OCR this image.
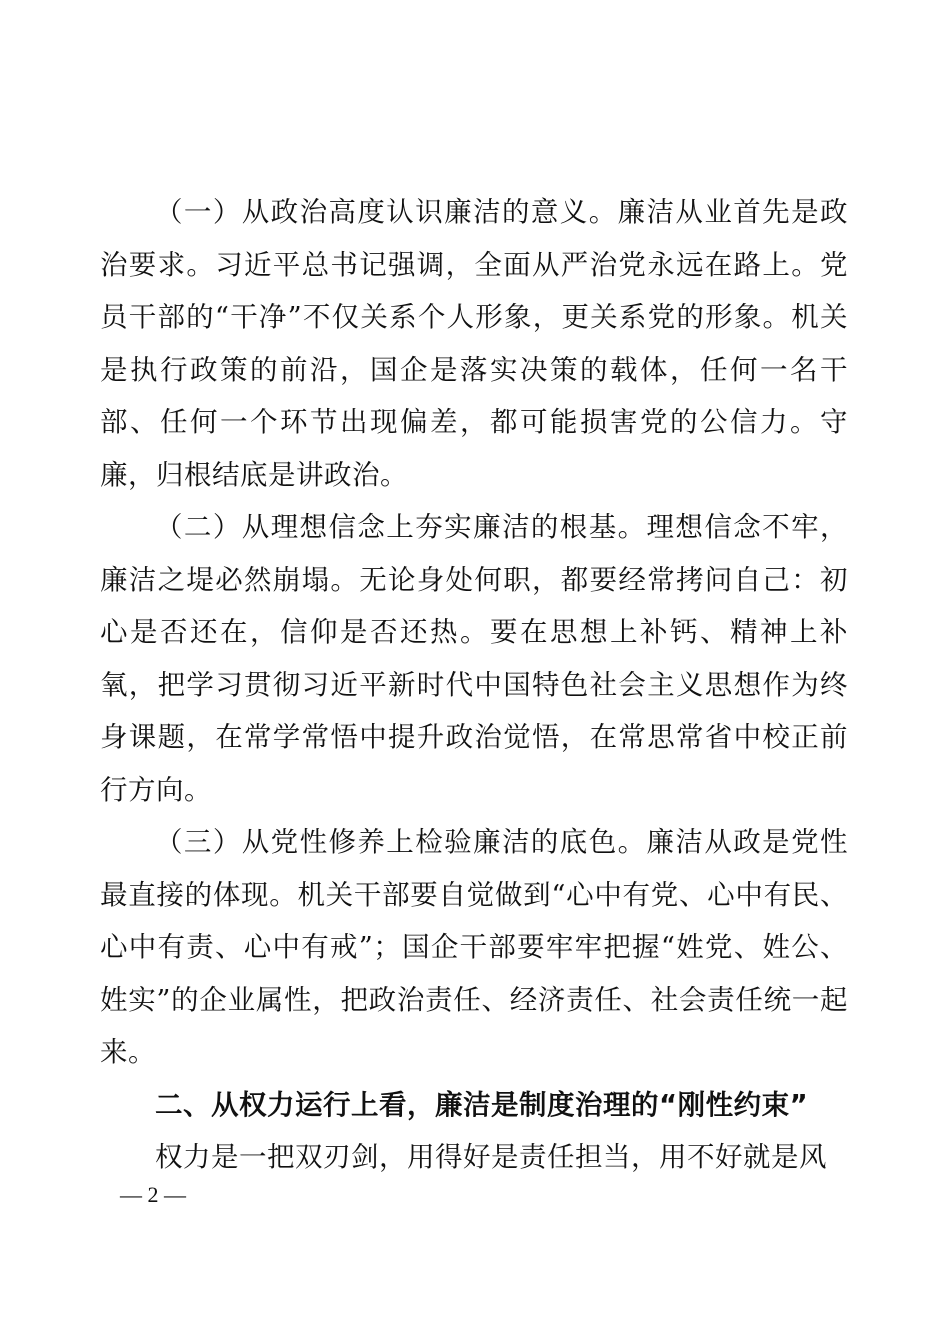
（一）从政治高度认识廉洁的意义。廉洁从业首先是政治要求。习近平总书记强调，全面从严治党永远在路上。党员干部的“干净”不仅关系个人形象，更关系党的形象。机关是执行政策的前沿，国企是落实决策的载体，任何一名干部、任何一个环节出现偏差，都可能损害党的公信力。守廉，归根结底是讲政治。

（二）从理想信念上夯实廉洁的根基。理想信念不牢，廉洁之堤必然崩塌。无论身处何职，都要经常拷问自己：初心是否还在，信仰是否还热。要在思想上补钙、精神上补氧，把学习贯彻习近平新时代中国特色社会主义思想作为终身课题，在常学常悟中提升政治觉悟，在常思常省中校正前行方向。

（三）从党性修养上检验廉洁的底色。廉洁从政是党性最直接的体现。机关干部要自觉做到“心中有党、心中有民、心中有责、心中有戒”；国企干部要牢牢把握“姓党、姓公、姓实”的企业属性，把政治责任、经济责任、社会责任统一起来。

二、从权力运行上看，廉洁是制度治理的“刚性约束”

权力是一把双刃剑，用得好是责任担当，用不好就是风

— 2 —
